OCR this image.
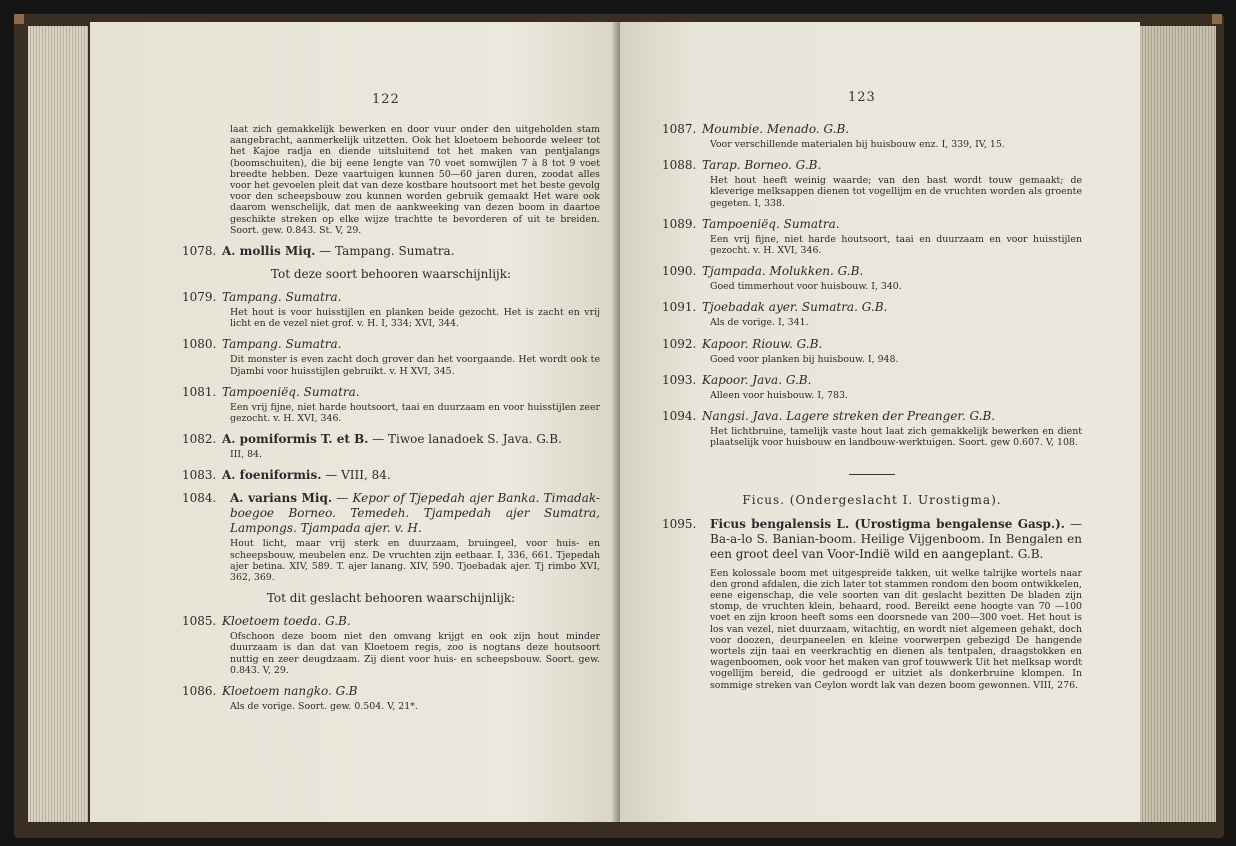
122
laat zich gemakkelijk bewerken en door vuur onder den uitgeholden stam aangebracht, aanmerkelijk uitzetten. Ook het kloetoem behoorde weleer tot het Kajoe radja en diende uitsluitend tot het maken van pentjalangs (boomschuiten), die bij eene lengte van 70 voet somwijlen 7 à 8 tot 9 voet breedte hebben. Deze vaartuigen kunnen 50—60 jaren duren, zoodat alles voor het gevoelen pleit dat van deze kostbare houtsoort met het beste gevolg voor den scheepsbouw zou kunnen worden gebruik gemaakt Het ware ook daarom wenschelijk, dat men de aankweeking van dezen boom in daartoe geschikte streken op elke wijze trachtte te bevorderen of uit te breiden. Soort. gew. 0.843. St. V, 29.
1078. A. mollis Miq. — Tampang. Sumatra.
Tot deze soort behooren waarschijnlijk:
1079. Tampang. Sumatra.
Het hout is voor huisstijlen en planken beide gezocht. Het is zacht en vrij licht en de vezel niet grof. v. H. I, 334; XVI, 344.
1080. Tampang. Sumatra.
Dit monster is even zacht doch grover dan het voorgaande. Het wordt ook te Djambi voor huisstijlen gebruikt. v. H XVI, 345.
1081. Tampoeniëq. Sumatra.
Een vrij fijne, niet harde houtsoort, taai en duurzaam en voor huisstijlen zeer gezocht. v. H. XVI, 346.
1082. A. pomiformis T. et B. — Tiwoe lanadoek S. Java. G.B.
III, 84.
1083. A. foeniformis. — VIII, 84.
1084. A. varians Miq. — Kepor of Tjepedah ajer Banka. Timadak-boegoe Borneo. Temedeh. Tjampedah ajer Sumatra, Lampongs. Tjampada ajer. v. H.
Hout licht, maar vrij sterk en duurzaam, bruingeel, voor huis- en scheepsbouw, meubelen enz. De vruchten zijn eetbaar. I, 336, 661. Tjepedah ajer betina. XIV, 589. T. ajer lanang. XIV, 590. Tjoebadak ajer. Tj rimbo XVI, 362, 369.
Tot dit geslacht behooren waarschijnlijk:
1085. Kloetoem toeda. G.B.
Ofschoon deze boom niet den omvang krijgt en ook zijn hout minder duurzaam is dan dat van Kloetoem regis, zoo is nogtans deze houtsoort nuttig en zeer deugdzaam. Zij dient voor huis- en scheepsbouw. Soort. gew. 0.843. V, 29.
1086. Kloetoem nangko. G.B
Als de vorige. Soort. gew. 0.504. V, 21*.
123
1087. Moumbie. Menado. G.B.
Voor verschillende materialen bij huisbouw enz. I, 339, IV, 15.
1088. Tarap. Borneo. G.B.
Het hout heeft weinig waarde; van den bast wordt touw gemaakt; de kleverige melksappen dienen tot vogellijm en de vruchten worden als groente gegeten. I, 338.
1089. Tampoeniëq. Sumatra.
Een vrij fijne, niet harde houtsoort, taai en duurzaam en voor huisstijlen gezocht. v. H. XVI, 346.
1090. Tjampada. Molukken. G.B.
Goed timmerhout voor huisbouw. I, 340.
1091. Tjoebadak ayer. Sumatra. G.B.
Als de vorige. I, 341.
1092. Kapoor. Riouw. G.B.
Goed voor planken bij huisbouw. I, 948.
1093. Kapoor. Java. G.B.
Alleen voor huisbouw. I, 783.
1094. Nangsi. Java. Lagere streken der Preanger. G.B.
Het lichtbruine, tamelijk vaste hout laat zich gemakkelijk bewerken en dient plaatselijk voor huisbouw en landbouw-werktuigen. Soort. gew 0.607. V, 108.
Ficus. (Ondergeslacht I. Urostigma).
1095. Ficus bengalensis L. (Urostigma bengalense Gasp.). — Ba-a-lo S. Banian-boom. Heilige Vijgenboom. In Bengalen en een groot deel van Voor-Indië wild en aangeplant. G.B.
Een kolossale boom met uitgespreide takken, uit welke talrijke wortels naar den grond afdalen, die zich later tot stammen rondom den boom ontwikkelen, eene eigenschap, die vele soorten van dit geslacht bezitten De bladen zijn stomp, de vruchten klein, behaard, rood. Bereikt eene hoogte van 70 —100 voet en zijn kroon heeft soms een doorsnede van 200—300 voet. Het hout is los van vezel, niet duurzaam, witachtig, en wordt niet algemeen gehakt, doch voor doozen, deurpaneelen en kleine voorwerpen gebezigd De hangende wortels zijn taai en veerkrachtig en dienen als tentpalen, draagstokken en wagenboomen, ook voor het maken van grof touwwerk Uit het melksap wordt vogellijm bereid, die gedroogd er uitziet als donkerbruine klompen. In sommige streken van Ceylon wordt lak van dezen boom gewonnen. VIII, 276.
